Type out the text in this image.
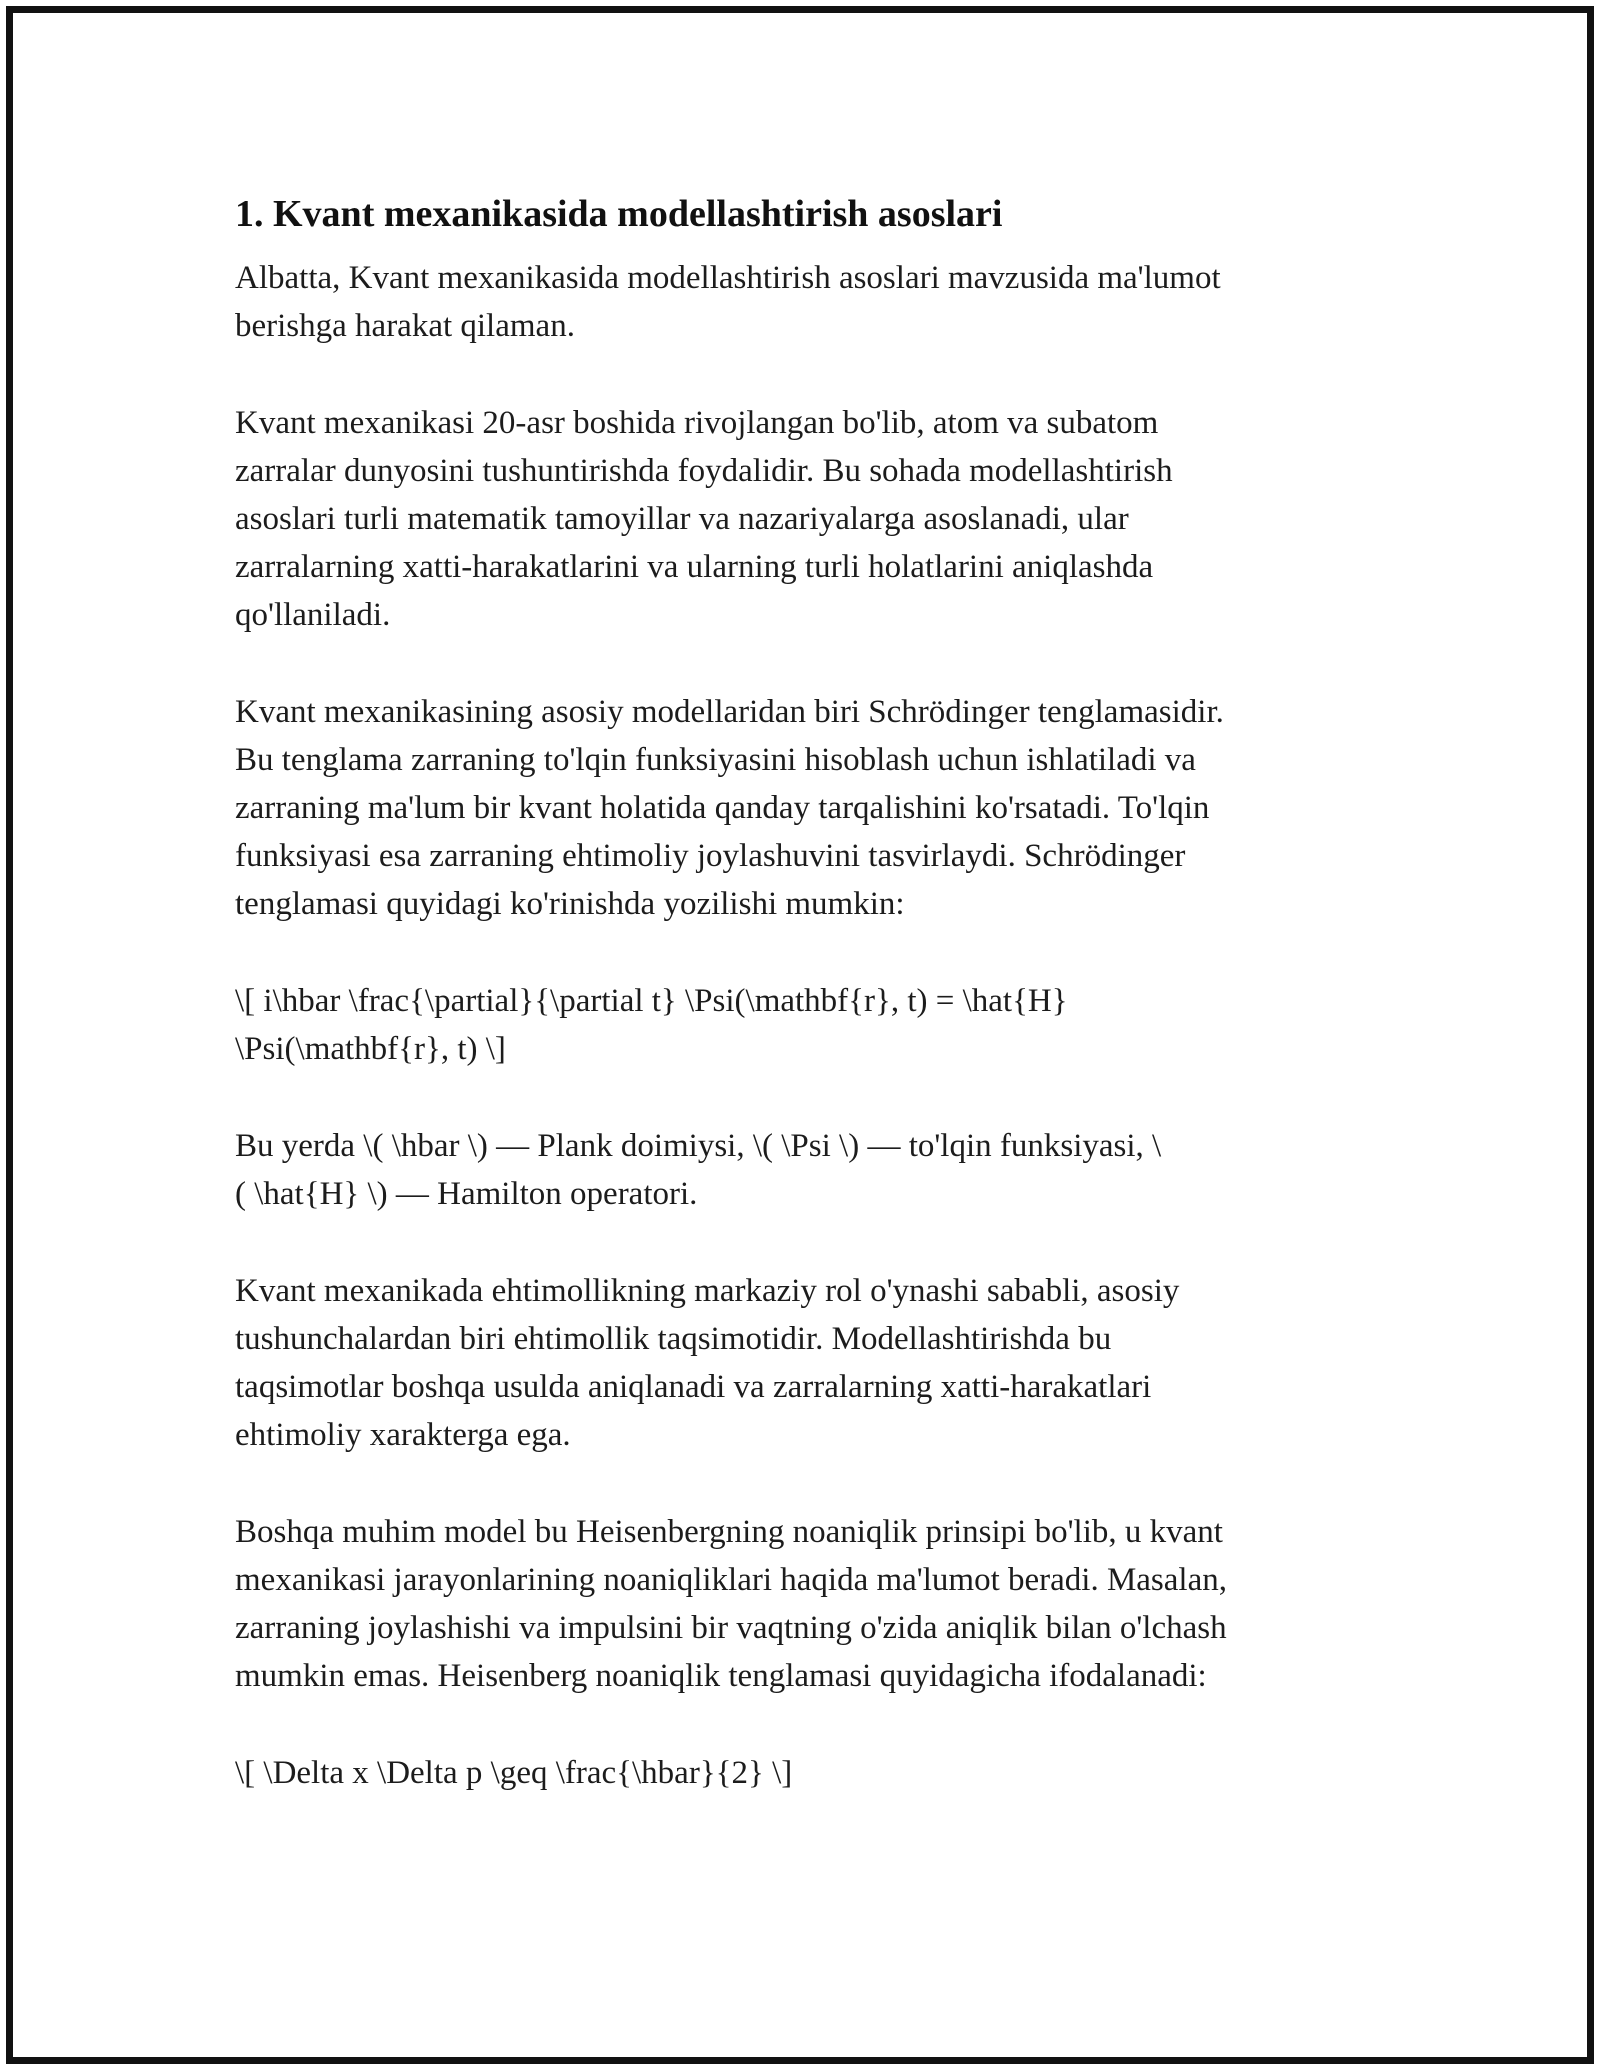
1. Kvant mexanikasida modellashtirish asoslari

Albatta, Kvant mexanikasida modellashtirish asoslari mavzusida ma'lumot
berishga harakat qilaman.

Kvant mexanikasi 20-asr boshida rivojlangan bo'lib, atom va subatom
zarralar dunyosini tushuntirishda foydalidir. Bu sohada modellashtirish
asoslari turli matematik tamoyillar va nazariyalarga asoslanadi, ular
zarralarning xatti-harakatlarini va ularning turli holatlarini aniqlashda
qo'llaniladi.

Kvant mexanikasining asosiy modellaridan biri Schrödinger tenglamasidir.
Bu tenglama zarraning to'lqin funksiyasini hisoblash uchun ishlatiladi va
zarraning ma'lum bir kvant holatida qanday tarqalishini ko'rsatadi. To'lqin
funksiyasi esa zarraning ehtimoliy joylashuvini tasvirlaydi. Schrödinger
tenglamasi quyidagi ko'rinishda yozilishi mumkin:

\[ i\hbar \frac{\partial}{\partial t} \Psi(\mathbf{r}, t) = \hat{H}
\Psi(\mathbf{r}, t) \]

Bu yerda \( \hbar \) — Plank doimiysi, \( \Psi \) — to'lqin funksiyasi, \
( \hat{H} \) — Hamilton operatori.

Kvant mexanikada ehtimollikning markaziy rol o'ynashi sababli, asosiy
tushunchalardan biri ehtimollik taqsimotidir. Modellashtirishda bu
taqsimotlar boshqa usulda aniqlanadi va zarralarning xatti-harakatlari
ehtimoliy xarakterga ega.

Boshqa muhim model bu Heisenbergning noaniqlik prinsipi bo'lib, u kvant
mexanikasi jarayonlarining noaniqliklari haqida ma'lumot beradi. Masalan,
zarraning joylashishi va impulsini bir vaqtning o'zida aniqlik bilan o'lchash
mumkin emas. Heisenberg noaniqlik tenglamasi quyidagicha ifodalanadi:

\[ \Delta x \Delta p \geq \frac{\hbar}{2} \]
